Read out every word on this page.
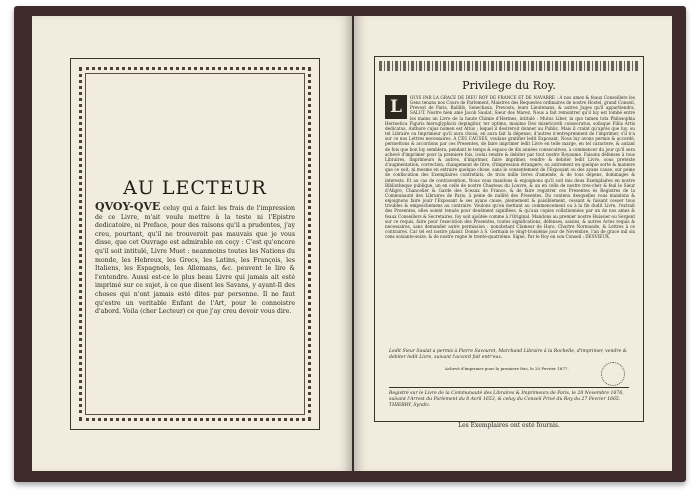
AU LECTEUR
QVOY-QVE celuy qui a faict les frais de l'impression de ce Livre, m'ait voulu mettre à la teste ni l'Epistre dedicatoire, ni Preface, pour des raisons qu'il a prudentes, j'ay creu, pourtant, qu'il ne trouveroit pas mauvais que je vous disse, que cet Ouvrage est admirable en ceçy : C'est qu'encore qu'il soit intitulé, Livre Muet : neanmoins toutes les Nations du monde, les Hebreux, les Grecs, les Latins, les François, les Italiens, les Espagnols, les Allemans, &c. peuvent le lire & l'entendre. Aussi est-ce le plus beau Livre qui jamais ait esté imprimé sur ce sujet, à ce que disent les Savans, y ayant-Il des choses qui n'ont jamais esté dites par personne. Il ne faut qu'estre un veritable Enfant de l'Art, pour le connoistre d'abord. Voila (cher Lecteur) ce que j'ay creu devoir vous dire.
Privilege du Roy.
L	OUIS PAR LA GRACE DE DIEU ROY DE FRANCE ET DE NAVARRE : A nos amez & feaux Conseillers les Gens tenans nos Cours de Parlement, Maistres des Requestes ordinaires de nostre Hostel, grand Conseil, Prevost de Paris, Baillifs, Senechaux, Prevosts, leurs Lieutenans, & autres Juges qu'il appartiendra, SALUT. Nostre bien amé Jacob Saulat, Sieur des Marez, Nous a fait remontrer qu'il luy est tombé entre les mains un Livre de la haute Chimie d'Hermes, intitulé : Mutus Liber, in quo tamen tota Philosophia Hermetica Figuris hieroglyphicis depingitur, ter optimo, maximo Deo misericordi consecratus, solisque Filiis Artis dedicatus, Authore cujus nomen est Altus ; lequel il desireroit donner au Public. Mais il craint qu'aprés que luy, ou tel Libraire ou Imprimeur qu'il aura choisi, en aura fait la dépense, d'autres n'entreprennent de l'imprimer, s'il n'a sur ce nos Lettres necessaires. A CES CAUSES, voulans gratifier ledit Exposant, Nous luy avons permis & accordé, permettons & accordons par ces Presentes, de faire imprimer ledit Livre en telle marge, en tel caractere, & autant de fois que bon luy semblera, pendant le temps & espace de dix années consecutives, à commencer du jour qu'il sera achevé d'imprimer pour la premiere fois, icelui vendre & debiter par tout nostre Royaume. Faisons défenses à tous Libraires, Imprimeurs & autres, d'imprimer, faire imprimer, vendre & debiter ledit Livre, sous pretexte d'augmentation, correction, changement de titre, d'impression étrangere, ou autrement en quelque sorte & maniere que ce soit, ni mesme en extraire quelque chose, sans le consentement de l'Exposant ou des ayans cause, sur peine de confiscation des Exemplaires contrefaits, de trois mille livres d'amende, & de tous dépens, dommages & interests. Et au cas de contravention, Nous vous mandons & enjoignons qu'il soit mis deux Exemplaires en nostre Bibliotheque publique, un en celle de nostre Chasteau du Louvre, & un en celle de nostre tres-cher & feal le Sieur d'Aligre, Chancelier & Garde des Sceaux de France, & de faire registrer ces Presentes és Registres de la Communauté des Libraires de Paris, à peine de nullité des Presentes. Du contenu desquelles vous mandons & enjoignons faire jouir l'Exposant & ses ayans cause, pleinement & paisiblement, cessant & faisant cesser tous troubles & empeschemens au contraire. Voulons qu'en mettant au commencement ou à la fin dudit Livre, l'extrait des Presentes, elles soient tenuës pour deuëment signifiées, & qu'aux copies collationnées par un de nos amez & feaux Conseillers & Secretaires, foy soit ajoûtée comme à l'Original. Mandons au premier nostre Huissier ou Sergent sur ce requis, faire pour l'execution des Presentes, toutes significations, défenses, saisies, & autres Actes requis & necessaires, sans demander autre permission : nonobstant Clameur de Haro, Chartre Normande, & Lettres à ce contraires. Car tel est nostre plaisir. Donné à S. Germain le vingt-troisiéme jour de Novembre, l'an de grace mil six cens soixante-seize, & de nostre regne le trente-quatriéme. Signé, Par le Roy en son Conseil : DESVIEUX.
Ledit Sieur Saulat a permis à Pierre Savouret, Marchand Libraire à la Rochelle, d'imprimer, vendre & debiter ledit Livre, suivant l'accord fait entr'eux.
Achevé d'imprimer pour la premiere fois, le 20 Fevrier 1677.
Registré sur le Livre de la Communauté des Libraires & Imprimeurs de Paris, le 28 Novembre 1676, suivant l'Arrest du Parlement du 8 Avril 1653, & celuy du Conseil Privé du Roy du 27 Fevrier 1665. THIERRY, Syndic.
Les Exemplaires ont esté fournis.
